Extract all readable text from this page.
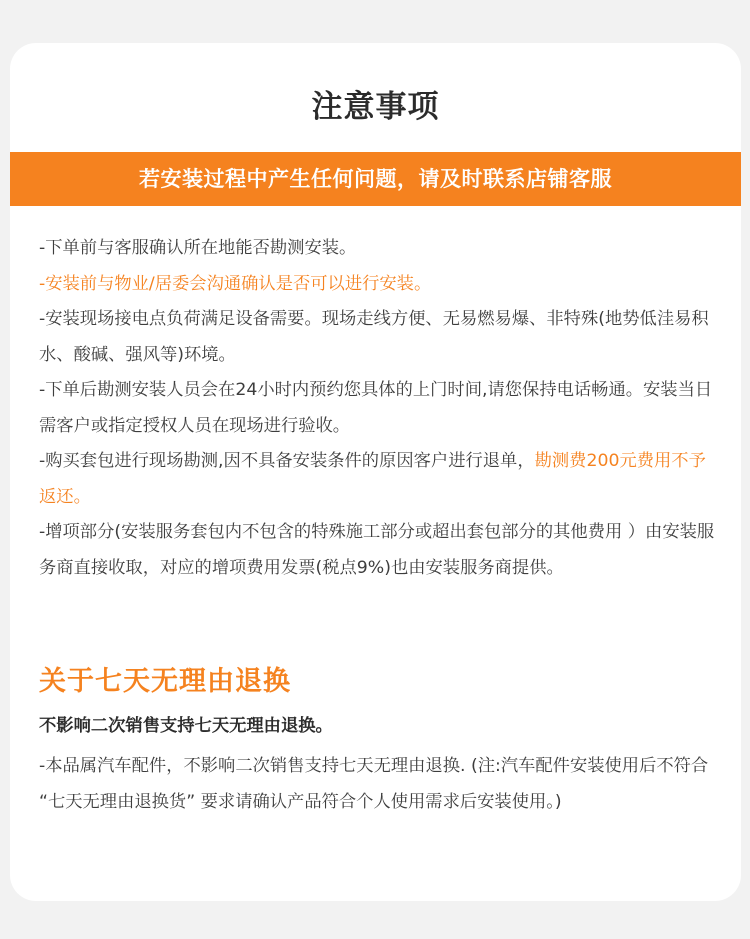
注意事项
若安装过程中产生任何问题，请及时联系店铺客服

-下单前与客服确认所在地能否勘测安装。

-安装前与物业/居委会沟通确认是否可以进行安装。

-安装现场接电点负荷满足设备需要。现场走线方便、无易燃易爆、非特殊(地势低洼易积水、酸碱、强风等)环境。

-下单后勘测安装人员会在24小时内预约您具体的上门时间,请您保持电话畅通。安装当日需客户或指定授权人员在现场进行验收。

-购买套包进行现场勘测,因不具备安装条件的原因客户进行退单，勘测费200元费用不予返还。

-增项部分(安装服务套包内不包含的特殊施工部分或超出套包部分的其他费用 ）由安装服务商直接收取，对应的增项费用发票(税点9%)也由安装服务商提供。

关于七天无理由退换
不影响二次销售支持七天无理由退换。
-本品属汽车配件，不影响二次销售支持七天无理由退换. (注:汽车配件安装使用后不符合 “七天无理由退换货” 要求请确认产品符合个人使用需求后安装使用。)
